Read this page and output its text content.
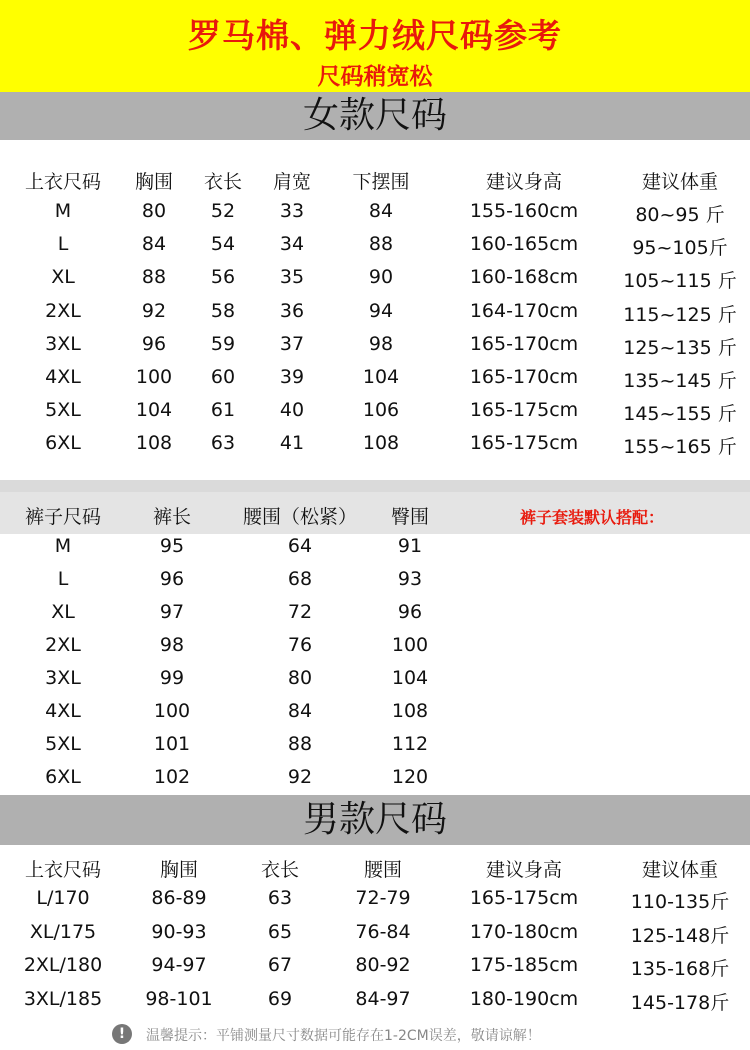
罗马棉、弹力绒尺码参考
尺码稍宽松
女款尺码
上衣尺码 胸围 衣长 肩宽 下摆围	建议身高	建议体重
M	80 52 33	84	155-160cm	80~95 斤
L	84 54 34	88	160-165cm	95~105斤
XL	88 56 35	90	160-168cm 105~115 斤
2XL	92 58 36	94	164-170cm 115~125 斤
3XL	96 59 37	98	165-170cm 125~135 斤
4XL	100 60 39	104	165-170cm 135~145 斤
5XL	104 61 40	106	165-175cm 145~155 斤
6XL	108 63 41	108	165-175cm 155~165 斤
裤子尺码	裤长	腰围（松紧） 臀围
M	95	64	91
L	96	68	93
XL	97	72	96
2XL	98	76	100
3XL	99	80	104
4XL	100	84	108
5XL	101	88	112
6XL	102	92	120
裤子套装默认搭配：
男款尺码
上衣尺码	胸围	衣长	腰围	建议身高	建议体重
L/170	86-89	63	72-79	165-175cm	110-135斤
XL/175	90-93	65	76-84	170-180cm	125-148斤
2XL/180	94-97	67	80-92	175-185cm	135-168斤
3XL/185 98-101	69	84-97	180-190cm	145-178斤
!	温馨提示：平铺测量尺寸数据可能存在1-2CM误差，敬请谅解！
